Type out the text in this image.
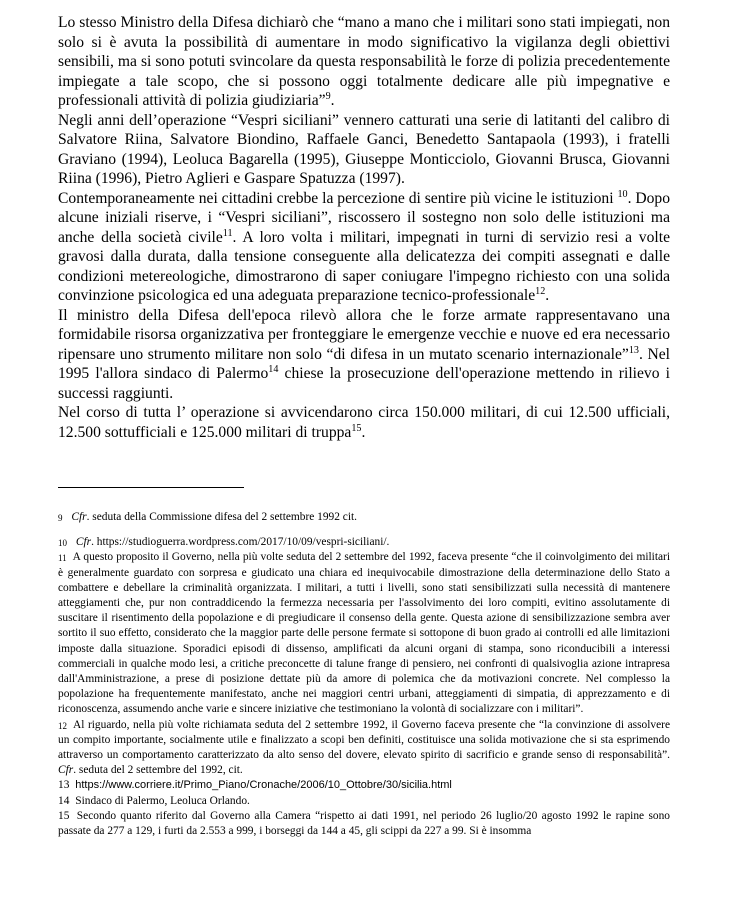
Lo stesso Ministro della Difesa dichiarò che “mano a mano che i militari sono stati impiegati, non solo si è avuta la possibilità di aumentare in modo significativo la vigilanza degli obiettivi sensibili, ma si sono potuti svincolare da questa responsabilità le forze di polizia precedentemente impiegate a tale scopo, che si possono oggi totalmente dedicare alle più impegnative e professionali attività di polizia giudiziaria”$^9$.

Negli anni dell’operazione “Vespri siciliani” vennero catturati una serie di latitanti del calibro di Salvatore Riina, Salvatore Biondino, Raffaele Ganci, Benedetto Santapaola (1993), i fratelli Graviano (1994), Leoluca Bagarella (1995), Giuseppe Monticciolo, Giovanni Brusca, Giovanni Riina (1996), Pietro Aglieri e Gaspare Spatuzza (1997).

Contemporaneamente nei cittadini crebbe la percezione di sentire più vicine le istituzioni $^{10}$. Dopo alcune iniziali riserve, i “Vespri siciliani”, riscossero il sostegno non solo delle istituzioni ma anche della società civile$^{11}$. A loro volta i militari, impegnati in turni di servizio resi a volte gravosi dalla durata, dalla tensione conseguente alla delicatezza dei compiti assegnati e dalle condizioni metereologiche, dimostrarono di saper coniugare l'impegno richiesto con una solida convinzione psicologica ed una adeguata preparazione tecnico-professionale$^{12}$.

Il ministro della Difesa dell'epoca rilevò allora che le forze armate rappresentavano una formidabile risorsa organizzativa per fronteggiare le emergenze vecchie e nuove ed era necessario ripensare uno strumento militare non solo “di difesa in un mutato scenario internazionale”$^{13}$. Nel 1995 l'allora sindaco di Palermo$^{14}$ chiese la prosecuzione dell'operazione mettendo in rilievo i successi raggiunti.

Nel corso di tutta l’ operazione si avvicendarono circa 150.000 militari, di cui 12.500 ufficiali, 12.500 sottufficiali e 125.000 militari di truppa$^{15}$.

$^9$ Cfr. seduta della Commissione difesa del 2 settembre 1992 cit.

$^{10}$ Cfr. https://studioguerra.wordpress.com/2017/10/09/vespri-siciliani/.

$^{11}$ A questo proposito il Governo, nella più volte seduta del 2 settembre del 1992, faceva presente “che il coinvolgimento dei militari è generalmente guardato con sorpresa e giudicato una chiara ed inequivocabile dimostrazione della determinazione dello Stato a combattere e debellare la criminalità organizzata. I militari, a tutti i livelli, sono stati sensibilizzati sulla necessità di mantenere atteggiamenti che, pur non contraddicendo la fermezza necessaria per l'assolvimento dei loro compiti, evitino assolutamente di suscitare il risentimento della popolazione e di pregiudicare il consenso della gente. Questa azione di sensibilizzazione sembra aver sortito il suo effetto, considerato che la maggior parte delle persone fermate si sottopone di buon grado ai controlli ed alle limitazioni imposte dalla situazione. Sporadici episodi di dissenso, amplificati da alcuni organi di stampa, sono riconducibili a interessi commerciali in qualche modo lesi, a critiche preconcette di talune frange di pensiero, nei confronti di qualsivoglia azione intrapresa dall'Amministrazione, a prese di posizione dettate più da amore di polemica che da motivazioni concrete. Nel complesso la popolazione ha frequentemente manifestato, anche nei maggiori centri urbani, atteggiamenti di simpatia, di apprezzamento e di riconoscenza, assumendo anche varie e sincere iniziative che testimoniano la volontà di socializzare con i militari”.

$^{12}$ Al riguardo, nella più volte richiamata seduta del 2 settembre 1992, il Governo faceva presente che “la convinzione di assolvere un compito importante, socialmente utile e finalizzato a scopi ben definiti, costituisce una solida motivazione che si sta esprimendo attraverso un comportamento caratterizzato da alto senso del dovere, elevato spirito di sacrificio e grande senso di responsabilità”. Cfr. seduta del 2 settembre del 1992, cit.

13 https://www.corriere.it/Primo_Piano/Cronache/2006/10_Ottobre/30/sicilia.html

14 Sindaco di Palermo, Leoluca Orlando.

15 Secondo quanto riferito dal Governo alla Camera “rispetto ai dati 1991, nel periodo 26 luglio/20 agosto 1992 le rapine sono passate da 277 a 129, i furti da 2.553 a 999, i borseggi da 144 a 45, gli scippi da 227 a 99. Si è insomma
